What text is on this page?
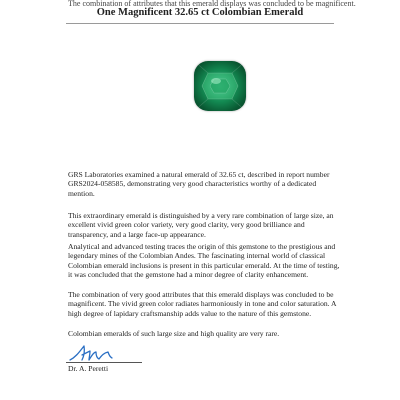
The combination of attributes that this emerald displays was concluded to be magnificent.
One Magnificent 32.65 ct Colombian Emerald
GRS Laboratories examined a natural emerald of 32.65 ct, described in report number GRS2024-058585, demonstrating very good characteristics worthy of a dedicated mention.
This extraordinary emerald is distinguished by a very rare combination of large size, an excellent vivid green color variety, very good clarity, very good brilliance and transparency, and a large face-up appearance.
Analytical and advanced testing traces the origin of this gemstone to the prestigious and legendary mines of the Colombian Andes. The fascinating internal world of classical Colombian emerald inclusions is present in this particular emerald. At the time of testing, it was concluded that the gemstone had a minor degree of clarity enhancement.
The combination of very good attributes that this emerald displays was concluded to be magnificent. The vivid green color radiates harmoniously in tone and color saturation. A high degree of lapidary craftsmanship adds value to the nature of this gemstone.
Colombian emeralds of such large size and high quality are very rare.
Dr. A. Peretti
